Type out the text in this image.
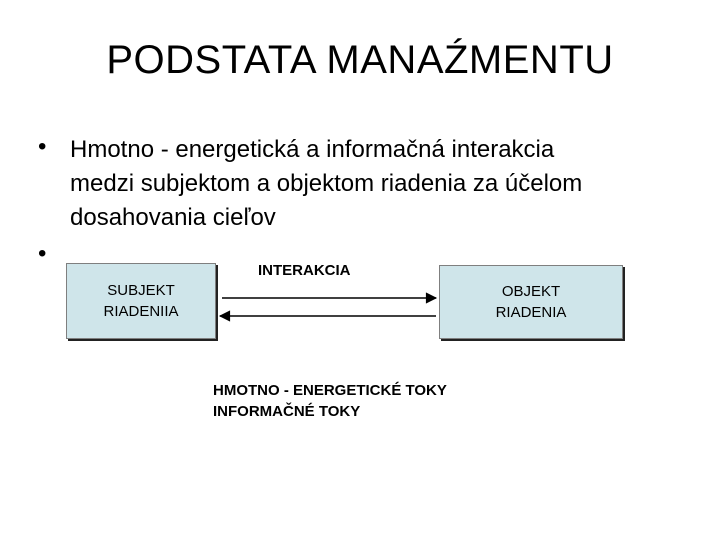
PODSTATA MANAŹMENTU
• Hmotno - energetická a informačná interakcia
medzi subjektom a objektom riadenia za účelom
dosahovania cieľov
•
SUBJEKT
RIADENIIA
OBJEKT
RIADENIA
INTERAKCIA
HMOTNO - ENERGETICKÉ TOKY
INFORMAČNÉ TOKY
